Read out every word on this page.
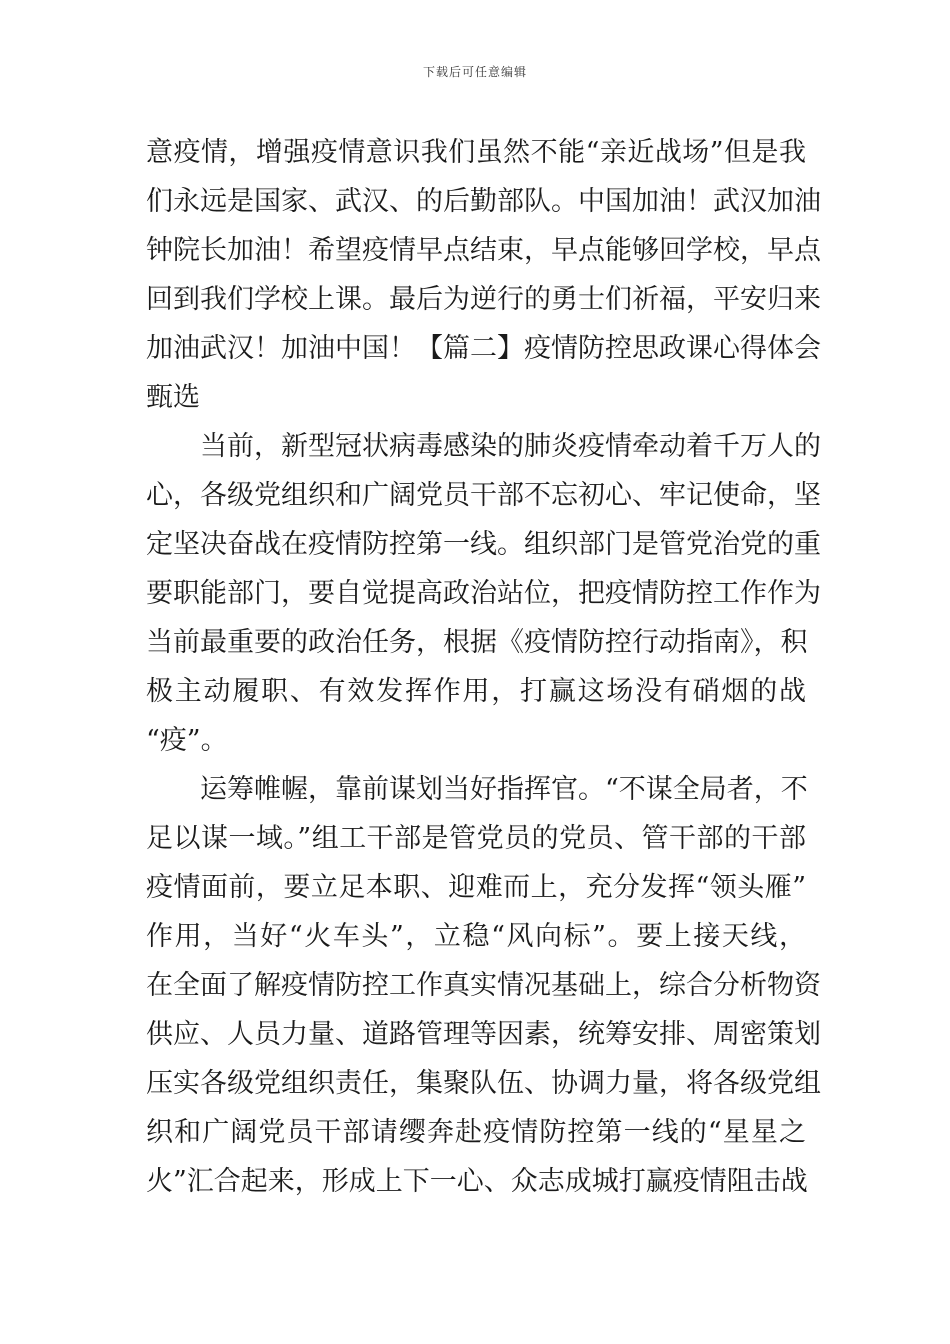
下载后可任意编辑
意疫情，增强疫情意识我们虽然不能“亲近战场”但是我
们永远是国家、武汉、的后勤部队。中国加油！武汉加油
钟院长加油！希望疫情早点结束，早点能够回学校，早点
回到我们学校上课。最后为逆行的勇士们祈福，平安归来
加油武汉！加油中国！【篇二】疫情防控思政课心得体会
甄选
当前，新型冠状病毒感染的肺炎疫情牵动着千万人的
心，各级党组织和广阔党员干部不忘初心、牢记使命，坚
定坚决奋战在疫情防控第一线。组织部门是管党治党的重
要职能部门，要自觉提高政治站位，把疫情防控工作作为
当前最重要的政治任务，根据《疫情防控行动指南》，积
极主动履职、有效发挥作用，打赢这场没有硝烟的战
“疫”。
运筹帷幄，靠前谋划当好指挥官。“不谋全局者，不
足以谋一域。”组工干部是管党员的党员、管干部的干部
疫情面前，要立足本职、迎难而上，充分发挥“领头雁”
作用，当好“火车头”，立稳“风向标”。要上接天线，
在全面了解疫情防控工作真实情况基础上，综合分析物资
供应、人员力量、道路管理等因素，统筹安排、周密策划
压实各级党组织责任，集聚队伍、协调力量，将各级党组
织和广阔党员干部请缨奔赴疫情防控第一线的“星星之
火”汇合起来，形成上下一心、众志成城打赢疫情阻击战
